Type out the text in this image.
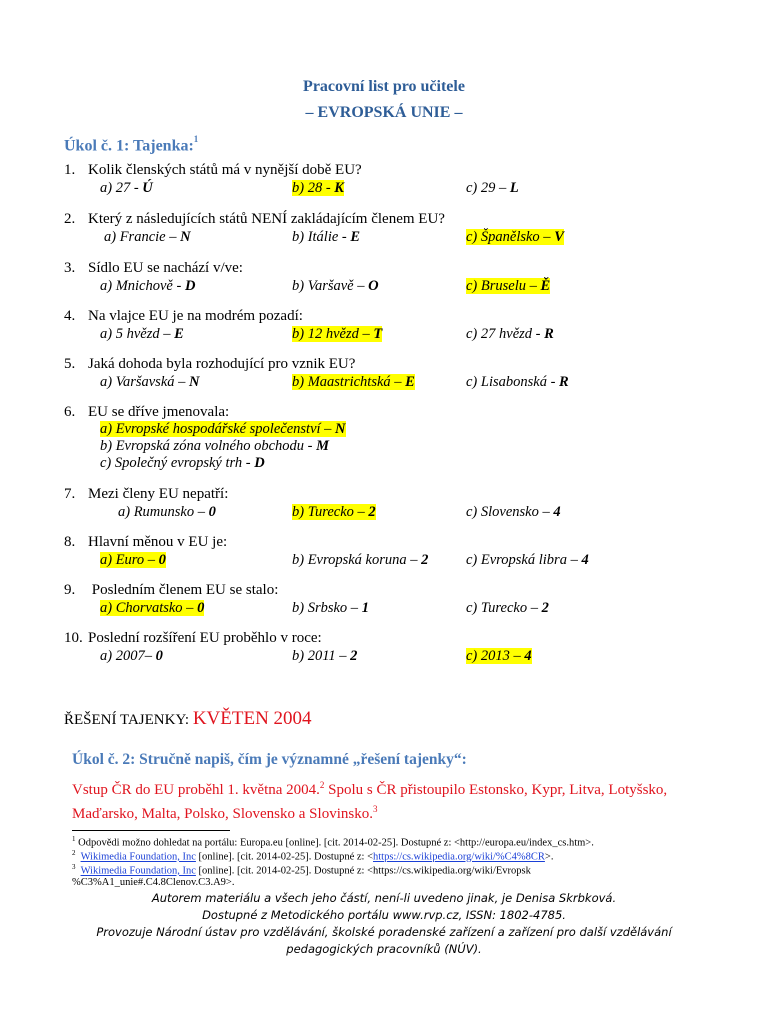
Pracovní list pro učitele
– EVROPSKÁ UNIE –
Úkol č. 1: Tajenka:$^1$
1. Kolik členských států má v nynější době EU?
a) 27 - Ú	b) 28 - K	c) 29 – L
2. Který z následujících států NENÍ zakládajícím členem EU?
a) Francie – N	b) Itálie - E	c) Španělsko – V
3. Sídlo EU se nachází v/ve:
a) Mnichově - D	b) Varšavě – O	c) Bruselu – Ě
4. Na vlajce EU je na modrém pozadí:
a) 5 hvězd – E	b) 12 hvězd – T	c) 27 hvězd - R
5. Jaká dohoda byla rozhodující pro vznik EU?
a) Varšavská – N	b) Maastrichtská – E	c) Lisabonská - R
6. EU se dříve jmenovala:
a) Evropské hospodářské společenství – N
b) Evropská zóna volného obchodu - M
c) Společný evropský trh - D
7. Mezi členy EU nepatří:
a) Rumunsko – 0	b) Turecko – 2	c) Slovensko – 4
8. Hlavní měnou v EU je:
a) Euro – 0	b) Evropská koruna – 2	c) Evropská libra – 4
9. Posledním členem EU se stalo:
a) Chorvatsko – 0	b) Srbsko – 1	c) Turecko – 2
10. Poslední rozšíření EU proběhlo v roce:
a) 2007– 0	b) 2011 – 2	c) 2013 – 4
ŘEŠENÍ TAJENKY: KVĚTEN 2004
Úkol č. 2: Stručně napiš, čím je významné „řešení tajenky“:
Vstup ČR do EU proběhl 1. května 2004.$^2$ Spolu s ČR přistoupilo Estonsko, Kypr, Litva, Lotyšsko,
Maďarsko, Malta, Polsko, Slovensko a Slovinsko.$^3$
$^1$ Odpovědi možno dohledat na portálu: Europa.eu [online]. [cit. 2014-02-25]. Dostupné z: <http://europa.eu/index_cs.htm>.
$^2$ Wikimedia Foundation, Inc [online]. [cit. 2014-02-25]. Dostupné z: <https://cs.wikipedia.org/wiki/%C4%8CR>.
$^3$ Wikimedia Foundation, Inc [online]. [cit. 2014-02-25]. Dostupné z: <https://cs.wikipedia.org/wiki/Evropsk
%C3%A1_unie#.C4.8Clenov.C3.A9>.
Autorem materiálu a všech jeho částí, není-li uvedeno jinak, je Denisa Skrbková.
Dostupné z Metodického portálu www.rvp.cz, ISSN: 1802-4785.
Provozuje Národní ústav pro vzdělávání, školské poradenské zařízení a zařízení pro další vzdělávání
pedagogických pracovníků (NÚV).
